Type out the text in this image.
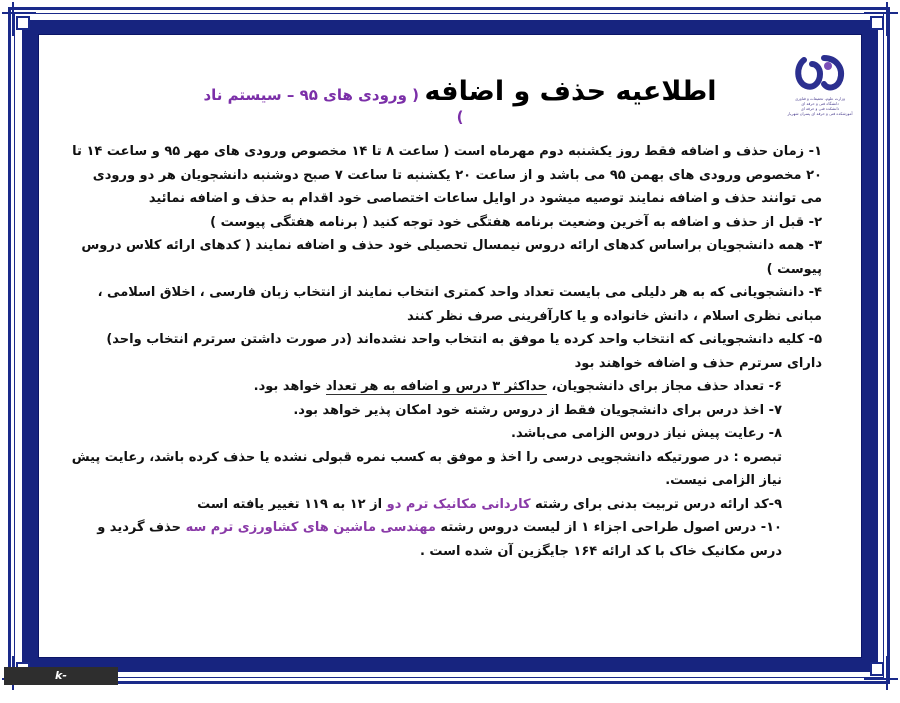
وزارت علوم، تحقیقات و فناوری
دانشگاه فنی و حرفه ای
دانشکده فنی و حرفه ای
آموزشکده فنی و حرفه ای پسران شهریار
اطلاعیه حذف و اضافه ( ورودی های ۹۵ – سیستم ناد )

۱- زمان حذف و اضافه فقط روز یکشنبه دوم مهرماه است ( ساعت ۸ تا ۱۴ مخصوص ورودی های مهر ۹۵ و ساعت ۱۴ تا ۲۰ مخصوص ورودی های بهمن ۹۵ می باشد و از ساعت ۲۰ یکشنبه تا ساعت ۷ صبح دوشنبه دانشجویان هر دو ورودی می توانند حذف و اضافه نمایند توصیه میشود در اوایل ساعات اختصاصی خود اقدام به حذف و اضافه نمائید

۲- قبل از حذف و اضافه به آخرین وضعیت برنامه هفتگی خود توجه کنید ( برنامه هفتگی پیوست )

۳- همه دانشجویان براساس کدهای ارائه دروس نیمسال تحصیلی خود حذف و اضافه نمایند ( کدهای ارائه کلاس دروس پیوست )

۴- دانشجویانی که به هر دلیلی می بایست تعداد واحد کمتری انتخاب نمایند از انتخاب زبان فارسی ، اخلاق اسلامی ، مبانی نظری اسلام ، دانش خانواده و یا کارآفرینی صرف نظر کنند

۵- کلیه دانشجویانی که انتخاب واحد کرده یا موفق به انتخاب واحد نشده‌اند (در صورت داشتن سرترم انتخاب واحد) دارای سرترم حذف و اضافه خواهند بود

۶- تعداد حذف مجاز برای دانشجویان، حداکثر ۳ درس و اضافه به هر تعداد خواهد بود.

۷- اخذ درس برای دانشجویان فقط از دروس رشته خود امکان پذیر خواهد بود.

۸- رعایت پیش نیاز دروس الزامی می‌باشد.

تبصره : در صورتیکه دانشجویی درسی را اخذ و موفق به کسب نمره قبولی نشده یا حذف کرده باشد، رعایت پیش نیاز الزامی نیست.

۹-کد ارائه درس تربیت بدنی برای رشته کاردانی مکانیک ترم دو از ۱۲ به ۱۱۹ تغییر یافته است

۱۰- درس اصول طراحی اجزاء ۱ از لیست دروس رشته مهندسی ماشین های کشاورزی ترم سه حذف گردید و درس مکانیک خاک با کد ارائه ۱۶۴ جایگزین آن شده است .

k-shahryar.tvu.ac.ir
